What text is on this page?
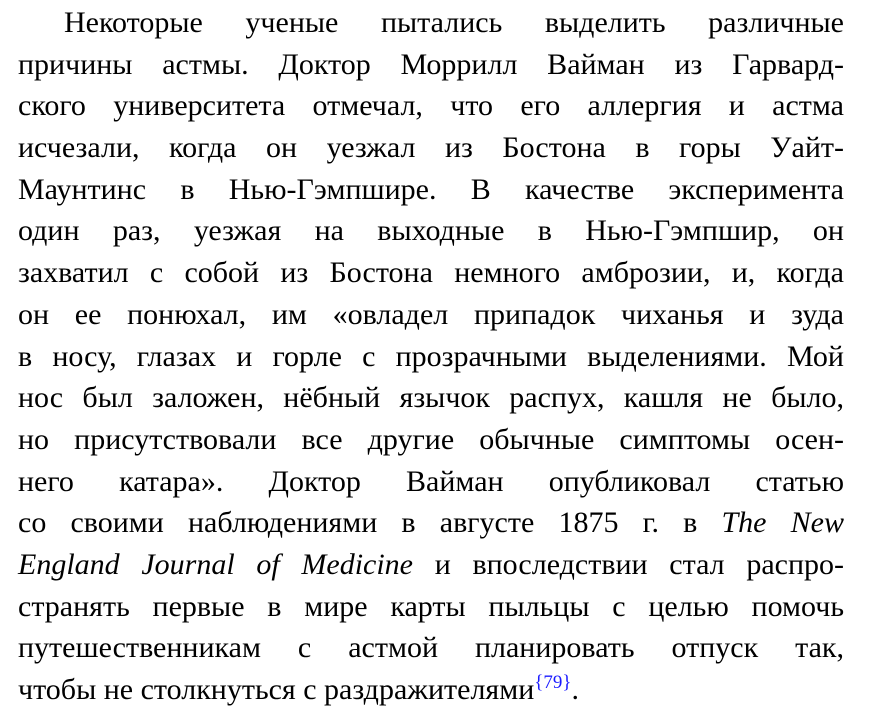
Некоторые ученые пытались выделить различные
причины астмы. Доктор Моррилл Вайман из Гарвард-
ского университета отмечал, что его аллергия и астма
исчезали, когда он уезжал из Бостона в горы Уайт-
Маунтинс в Нью-Гэмпшире. В качестве эксперимента
один раз, уезжая на выходные в Нью-Гэмпшир, он
захватил с собой из Бостона немного амброзии, и, когда
он ее понюхал, им «овладел припадок чиханья и зуда
в носу, глазах и горле с прозрачными выделениями. Мой
нос был заложен, нёбный язычок распух, кашля не было,
но присутствовали все другие обычные симптомы осен-
него катара». Доктор Вайман опубликовал статью
со своими наблюдениями в августе 1875 г. в The New
England Journal of Medicine и впоследствии стал распро-
странять первые в мире карты пыльцы с целью помочь
путешественникам с астмой планировать отпуск так,
чтобы не столкнуться с раздражителями$^{\{79\}}$.
